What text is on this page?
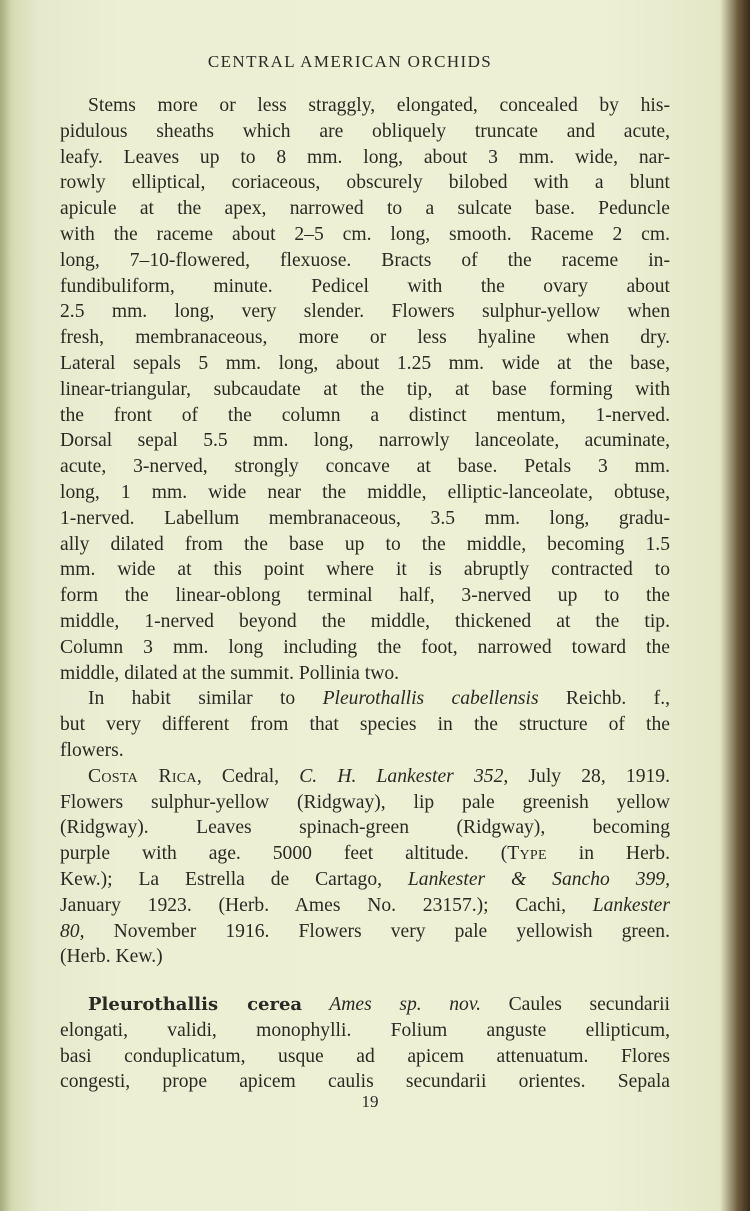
CENTRAL AMERICAN ORCHIDS
Stems more or less straggly, elongated, concealed by his-
pidulous sheaths which are obliquely truncate and acute,
leafy. Leaves up to 8 mm. long, about 3 mm. wide, nar-
rowly elliptical, coriaceous, obscurely bilobed with a blunt
apicule at the apex, narrowed to a sulcate base. Peduncle
with the raceme about 2–5 cm. long, smooth. Raceme 2 cm.
long, 7–10-flowered, flexuose. Bracts of the raceme in-
fundibuliform, minute. Pedicel with the ovary about
2.5 mm. long, very slender. Flowers sulphur-yellow when
fresh, membranaceous, more or less hyaline when dry.
Lateral sepals 5 mm. long, about 1.25 mm. wide at the base,
linear-triangular, subcaudate at the tip, at base forming with
the front of the column a distinct mentum, 1-nerved.
Dorsal sepal 5.5 mm. long, narrowly lanceolate, acuminate,
acute, 3-nerved, strongly concave at base. Petals 3 mm.
long, 1 mm. wide near the middle, elliptic-lanceolate, obtuse,
1-nerved. Labellum membranaceous, 3.5 mm. long, gradu-
ally dilated from the base up to the middle, becoming 1.5
mm. wide at this point where it is abruptly contracted to
form the linear-oblong terminal half, 3-nerved up to the
middle, 1-nerved beyond the middle, thickened at the tip.
Column 3 mm. long including the foot, narrowed toward the
middle, dilated at the summit. Pollinia two.
In habit similar to Pleurothallis cabellensis Reichb. f.,
but very different from that species in the structure of the
flowers.
Costa Rica, Cedral, C. H. Lankester 352, July 28, 1919.
Flowers sulphur-yellow (Ridgway), lip pale greenish yellow
(Ridgway). Leaves spinach-green (Ridgway), becoming
purple with age. 5000 feet altitude. (Type in Herb.
Kew.); La Estrella de Cartago, Lankester & Sancho 399,
January 1923. (Herb. Ames No. 23157.); Cachi, Lankester
80, November 1916. Flowers very pale yellowish green.
(Herb. Kew.)
Pleurothallis cerea Ames sp. nov. Caules secundarii
elongati, validi, monophylli. Folium anguste ellipticum,
basi conduplicatum, usque ad apicem attenuatum. Flores
congesti, prope apicem caulis secundarii orientes. Sepala
19
